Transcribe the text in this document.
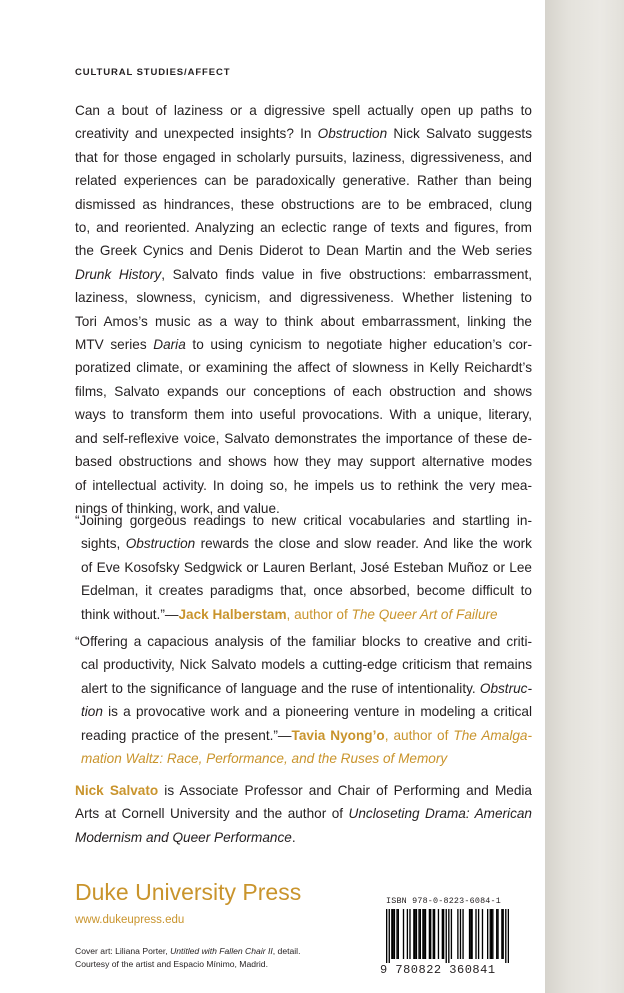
CULTURAL STUDIES/AFFECT
Can a bout of laziness or a digressive spell actually open up paths to
creativity and unexpected insights? In Obstruction Nick Salvato suggests
that for those engaged in scholarly pursuits, laziness, digressiveness, and
related experiences can be paradoxically generative. Rather than being
dismissed as hindrances, these obstructions are to be embraced, clung
to, and reoriented. Analyzing an eclectic range of texts and figures, from
the Greek Cynics and Denis Diderot to Dean Martin and the Web series
Drunk History, Salvato finds value in five obstructions: embarrassment,
laziness, slowness, cynicism, and digressiveness. Whether listening to
Tori Amos’s music as a way to think about embarrassment, linking the
MTV series Daria to using cynicism to negotiate higher education’s cor-
poratized climate, or examining the affect of slowness in Kelly Reichardt’s
films, Salvato expands our conceptions of each obstruction and shows
ways to transform them into useful provocations. With a unique, literary,
and self-reflexive voice, Salvato demonstrates the importance of these de-
based obstructions and shows how they may support alternative modes
of intellectual activity. In doing so, he impels us to rethink the very mea-
nings of thinking, work, and value.
“Joining gorgeous readings to new critical vocabularies and startling in-
sights, Obstruction rewards the close and slow reader. And like the work
of Eve Kosofsky Sedgwick or Lauren Berlant, José Esteban Muñoz or Lee
Edelman, it creates paradigms that, once absorbed, become difficult to
think without.”—Jack Halberstam, author of The Queer Art of Failure
“Offering a capacious analysis of the familiar blocks to creative and criti-
cal productivity, Nick Salvato models a cutting-edge criticism that remains
alert to the significance of language and the ruse of intentionality. Obstruc-
tion is a provocative work and a pioneering venture in modeling a critical
reading practice of the present.”—Tavia Nyong’o, author of The Amalga-
mation Waltz: Race, Performance, and the Ruses of Memory
Nick Salvato is Associate Professor and Chair of Performing and Media
Arts at Cornell University and the author of Uncloseting Drama: American
Modernism and Queer Performance.
Duke University Press
www.dukeupress.edu
Cover art: Liliana Porter, Untitled with Fallen Chair II, detail.
Courtesy of the artist and Espacio Mínimo, Madrid.
ISBN 978-0-8223-6084-1
9 780822 360841
